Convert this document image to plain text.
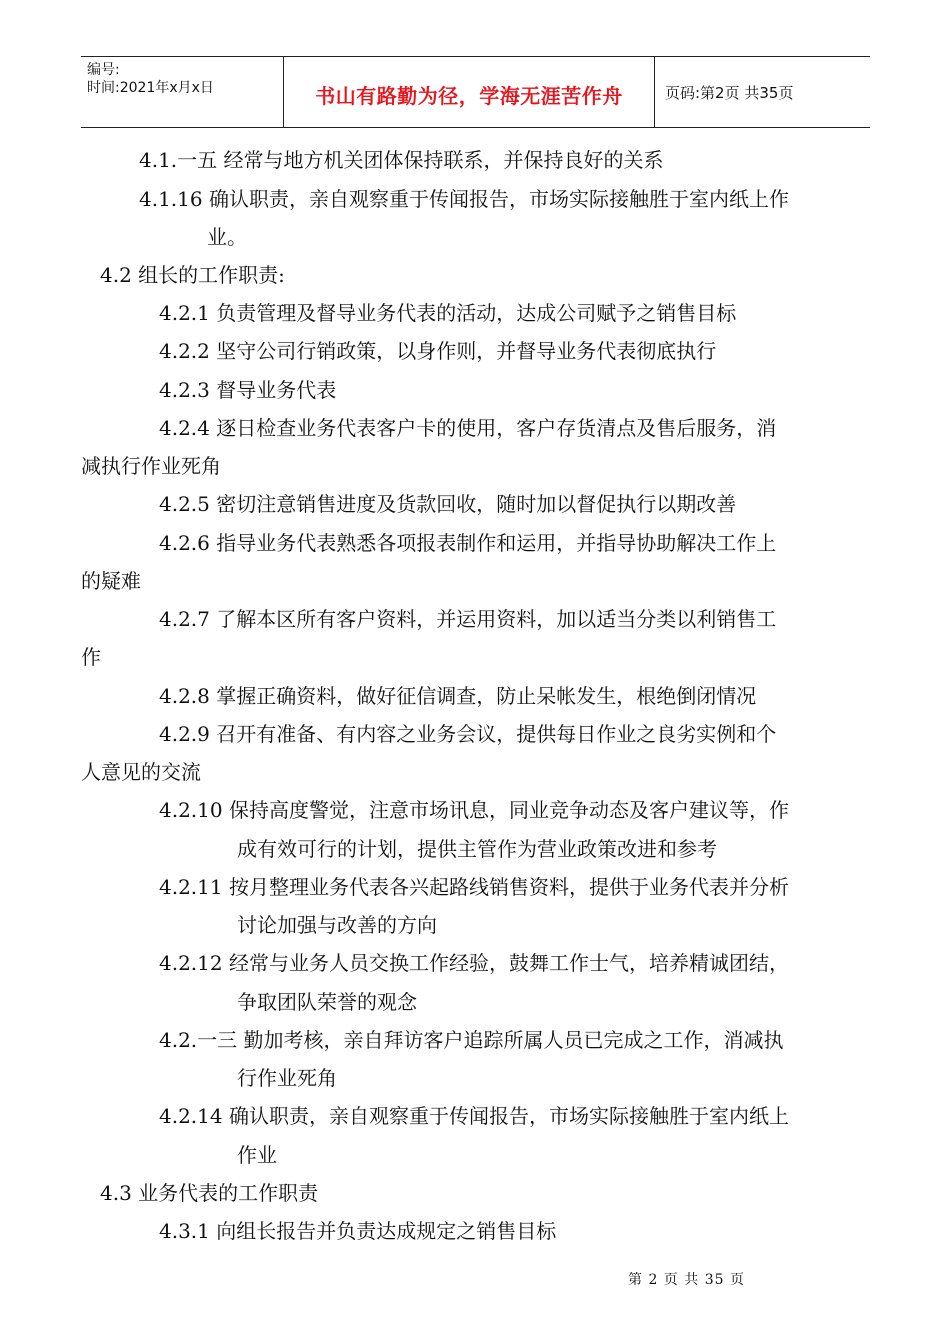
编号:
时间:2021年x月x日	书山有路勤为径，学海无涯苦作舟	页码:第2页 共35页
4.1.一五 经常与地方机关团体保持联系，并保持良好的关系
4.1.16 确认职责，亲自观察重于传闻报告，市场实际接触胜于室内纸上作
业。
4.2 组长的工作职责:
4.2.1 负责管理及督导业务代表的活动，达成公司赋予之销售目标
4.2.2 坚守公司行销政策，以身作则，并督导业务代表彻底执行
4.2.3 督导业务代表
4.2.4 逐日检查业务代表客户卡的使用，客户存货清点及售后服务，消
减执行作业死角
4.2.5 密切注意销售进度及货款回收，随时加以督促执行以期改善
4.2.6 指导业务代表熟悉各项报表制作和运用，并指导协助解决工作上
的疑难
4.2.7 了解本区所有客户资料，并运用资料，加以适当分类以利销售工
作
4.2.8 掌握正确资料，做好征信调查，防止呆帐发生，根绝倒闭情况
4.2.9 召开有准备、有内容之业务会议，提供每日作业之良劣实例和个
人意见的交流
4.2.10 保持高度警觉，注意市场讯息，同业竞争动态及客户建议等，作
成有效可行的计划，提供主管作为营业政策改进和参考
4.2.11 按月整理业务代表各兴起路线销售资料，提供于业务代表并分析
讨论加强与改善的方向
4.2.12 经常与业务人员交换工作经验，鼓舞工作士气，培养精诚团结，
争取团队荣誉的观念
4.2.一三 勤加考核，亲自拜访客户追踪所属人员已完成之工作，消减执
行作业死角
4.2.14 确认职责，亲自观察重于传闻报告，市场实际接触胜于室内纸上
作业
4.3 业务代表的工作职责
4.3.1 向组长报告并负责达成规定之销售目标
第 2 页 共 35 页
